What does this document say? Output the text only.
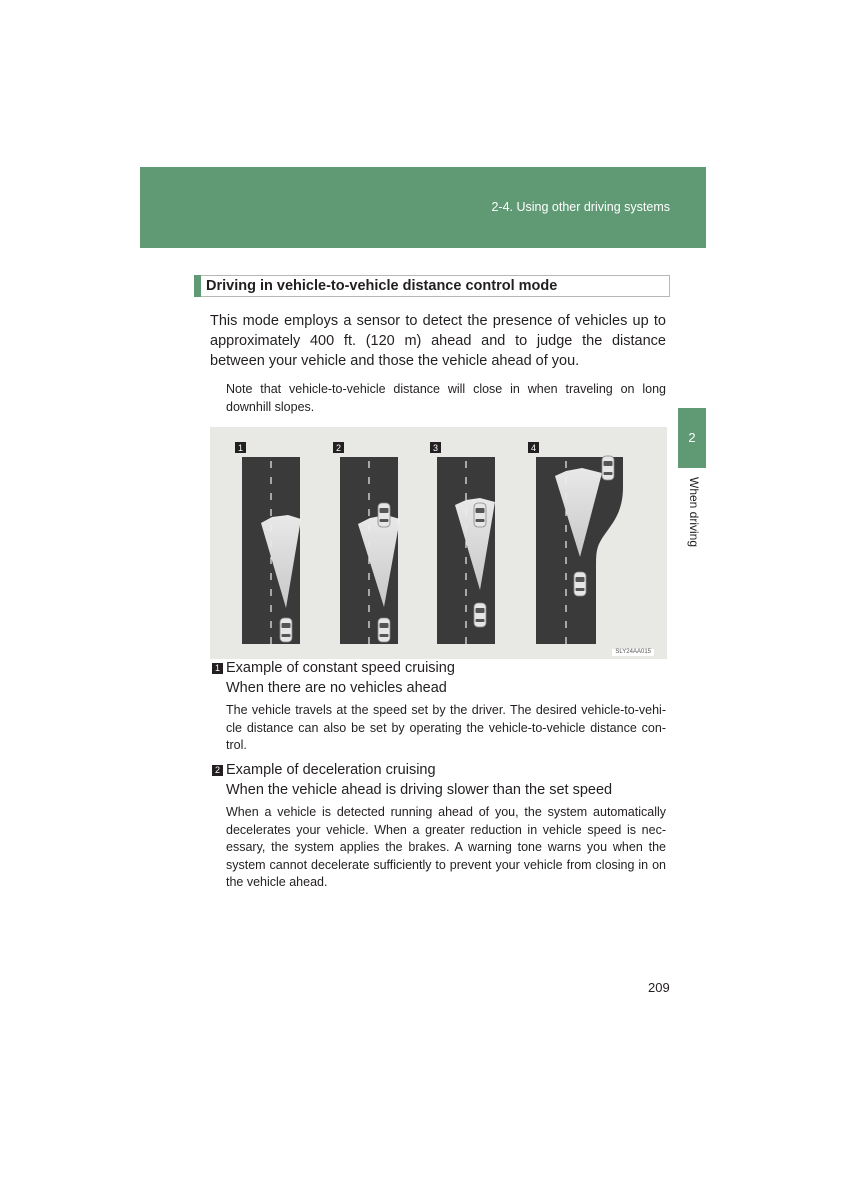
2-4. Using other driving systems
2
When driving
Driving in vehicle-to-vehicle distance control mode
This mode employs a sensor to detect the presence of vehicles up to approximately 400 ft. (120 m) ahead and to judge the distance between your vehicle and those the vehicle ahead of you.
Note that vehicle-to-vehicle distance will close in when traveling on long downhill slopes.
1	2	3	4
SLY24AA015
1 Example of constant speed cruising
When there are no vehicles ahead
The vehicle travels at the speed set by the driver. The desired vehicle-to-vehi-cle distance can also be set by operating the vehicle-to-vehicle distance con-trol.
2 Example of deceleration cruising
When the vehicle ahead is driving slower than the set speed
When a vehicle is detected running ahead of you, the system automatically decelerates your vehicle. When a greater reduction in vehicle speed is nec-essary, the system applies the brakes. A warning tone warns you when the system cannot decelerate sufficiently to prevent your vehicle from closing in on the vehicle ahead.
209
